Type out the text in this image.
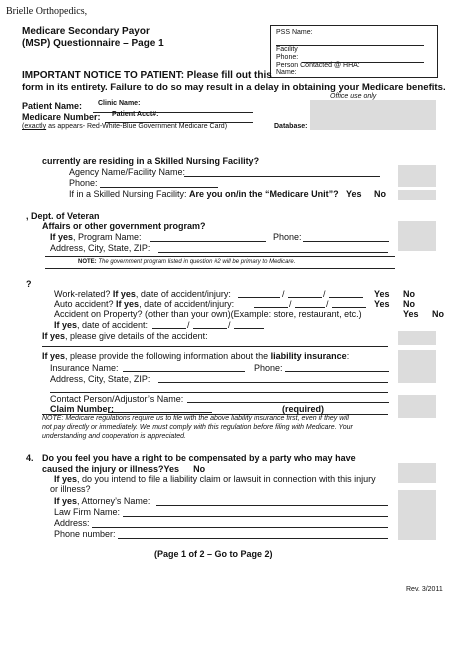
Brielle Orthopedics,
Medicare Secondary Payor
(MSP) Questionnaire – Page 1
PSS Name:
Facility
Phone:
Person Contacted @ HHA:
Name:
IMPORTANT NOTICE TO PATIENT: Please fill out this
form in its entirety. Failure to do so may result in a delay in obtaining your Medicare benefits.
Office use only
Patient Name: Clinic Name:
Medicare Number: Patient Acct#:
(exactly as appears- Red-White-Blue Government Medicare Card)	Database:
currently are residing in a Skilled Nursing Facility?
Agency Name/Facility Name:
Phone:
If in a Skilled Nursing Facility: Are you on/in the “Medicare Unit”? Yes No
, Dept. of Veteran
Affairs or other government program?
If yes, Program Name:	Phone:
Address, City, State, ZIP:
NOTE: The government program listed in question #2 will be primary to Medicare.
?
Work-related? If yes, date of accident/injury:	/	/	Yes No
Auto accident? If yes, date of accident/injury:	/	/	Yes No
Accident on Property? (other than your own)(Example: store, restaurant, etc.)	Yes No
If yes, date of accident:	/	/
If yes, please give details of the accident:
If yes, please provide the following information about the liability insurance:
Insurance Name:	Phone:
Address, City, State, ZIP:
Contact Person/Adjustor’s Name:
Claim Number:	(required)
NOTE: Medicare regulations require us to file with the above liability insurance first, even if they will
not pay directly or immediately. We must comply with this regulation before filing with Medicare. Your
understanding and cooperation is appreciated.
4. Do you feel you have a right to be compensated by a party who may have
caused the injury or illness?Yes No
If yes, do you intend to file a liability claim or lawsuit in connection with this injury
or illness?
If yes, Attorney’s Name:
Law Firm Name:
Address:
Phone number:
(Page 1 of 2 – Go to Page 2)
Rev. 3/2011
